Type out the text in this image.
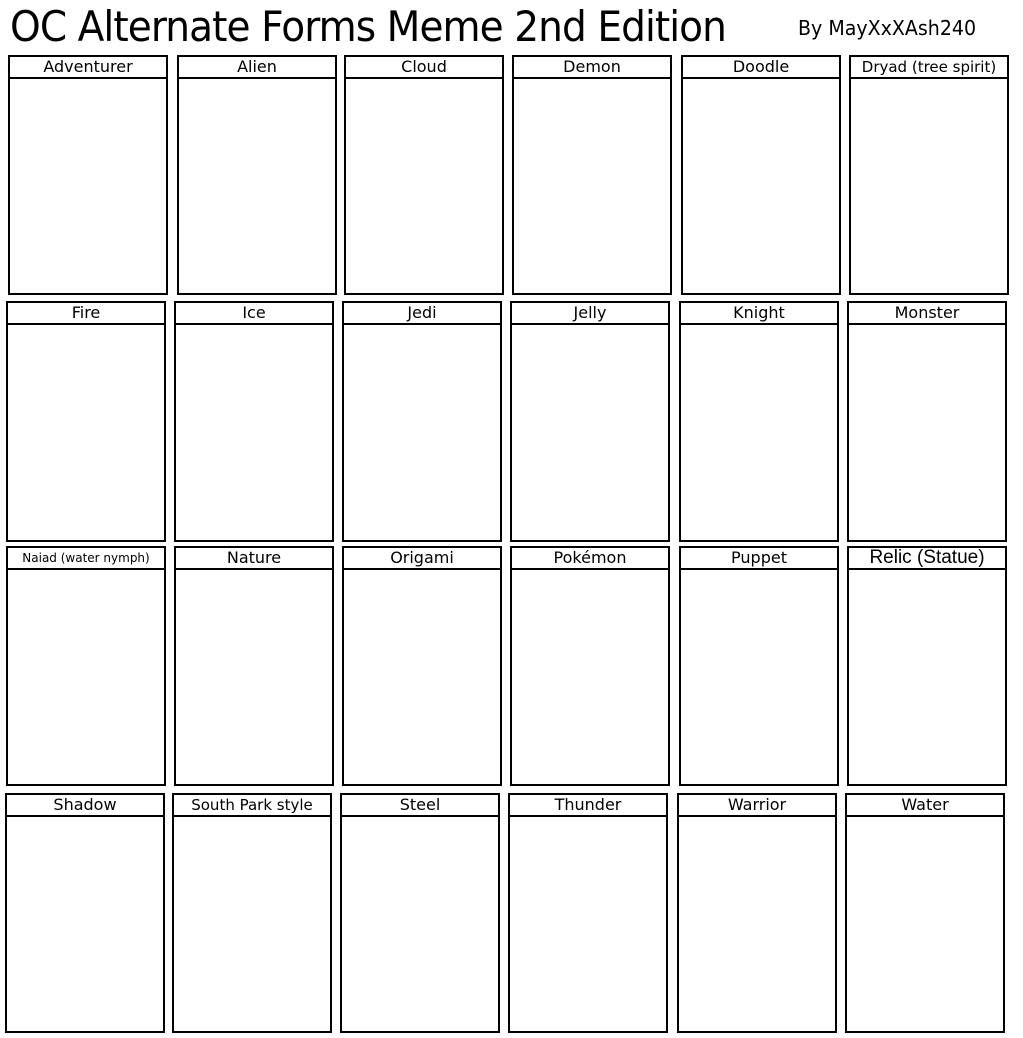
OC Alternate Forms Meme 2nd Edition	By MayXxXAsh240
Adventurer	Alien	Cloud	Demon	Doodle	Dryad (tree spirit)
Fire	Ice	Jedi	Jelly	Knight	Monster
Naiad (water nymph)	Nature	Origami	Pokémon	Puppet	Relic (Statue)
Shadow	South Park style	Steel	Thunder	Warrior	Water
